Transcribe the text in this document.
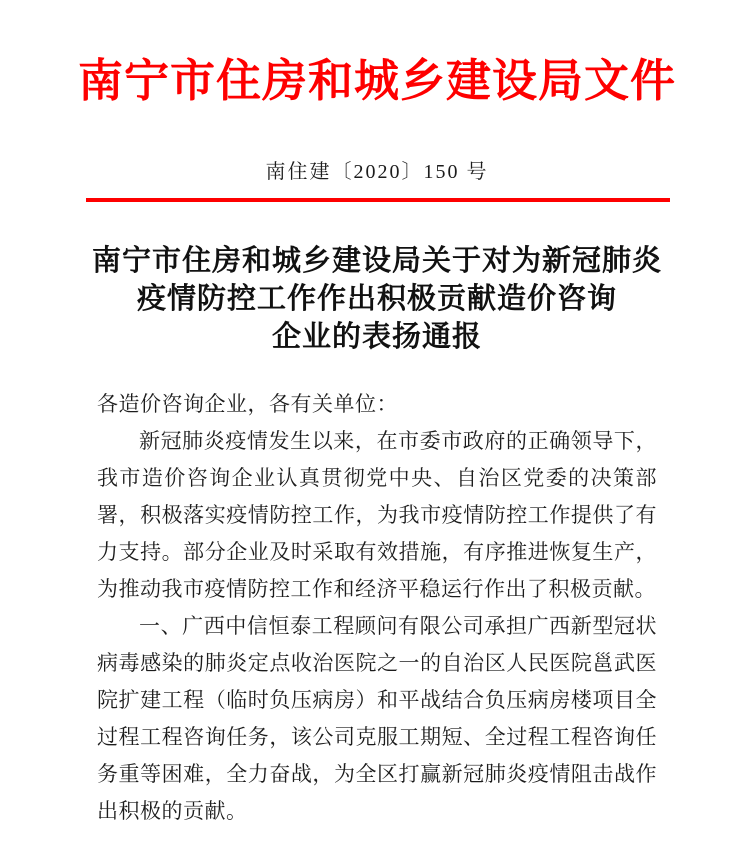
南宁市住房和城乡建设局文件
南住建〔2020〕150 号
南宁市住房和城乡建设局关于对为新冠肺炎
疫情防控工作作出积极贡献造价咨询
企业的表扬通报

各造价咨询企业，各有关单位：

新冠肺炎疫情发生以来，在市委市政府的正确领导下，我市造价咨询企业认真贯彻党中央、自治区党委的决策部署，积极落实疫情防控工作，为我市疫情防控工作提供了有力支持。部分企业及时采取有效措施，有序推进恢复生产，为推动我市疫情防控工作和经济平稳运行作出了积极贡献。

一、广西中信恒泰工程顾问有限公司承担广西新型冠状病毒感染的肺炎定点收治医院之一的自治区人民医院邕武医院扩建工程（临时负压病房）和平战结合负压病房楼项目全过程工程咨询任务，该公司克服工期短、全过程工程咨询任务重等困难，全力奋战，为全区打赢新冠肺炎疫情阻击战作出积极的贡献。
